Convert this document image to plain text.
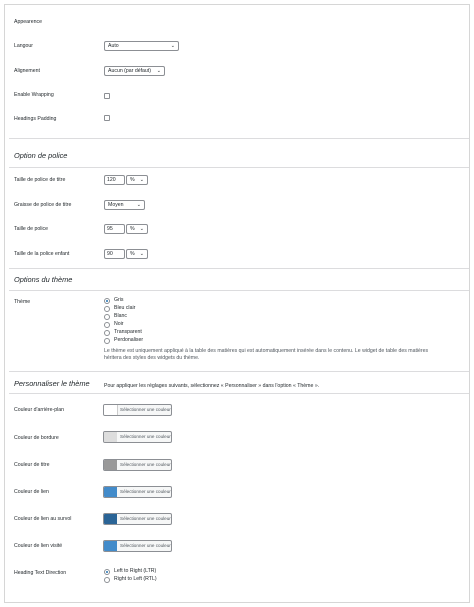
Appearence
Langour	Auto	⌄
Alignement	Aucun (par défaut) ⌄
Enable Wrapping
Headings Padding
Option de police
Taille de police de titre	120	% ⌄
Graisse de police de titre	Moyen	⌄
Taille de police	95	% ⌄
Taille de la police enfant	90	% ⌄
Options du thème
Thème	Gris
Bleu clair
Blanc
Noir
Transparent
Perdonaliser
Le thème est uniquement appliqué à la table des matières qui est automatiquement insérée dans le contenu. Le widget de table des matières
héritera des styles des widgets du thème.
Personnaliser le thème	Pour appliquer les réglages suivants, sélectionnez « Personnaliser » dans l'option « Thème ».
Couleur d'arrière-plan	Sélectionner une couleur
Couleur de bordure	Sélectionner une couleur
Couleur de titre	Sélectionner une couleur
Couleur de lien	Sélectionner une couleur
Couleur de lien au survol	Sélectionner une couleur
Couleur de lien visité	Sélectionner une couleur
Heading Text Direction	Left to Right (LTR)
Right to Left (RTL)
